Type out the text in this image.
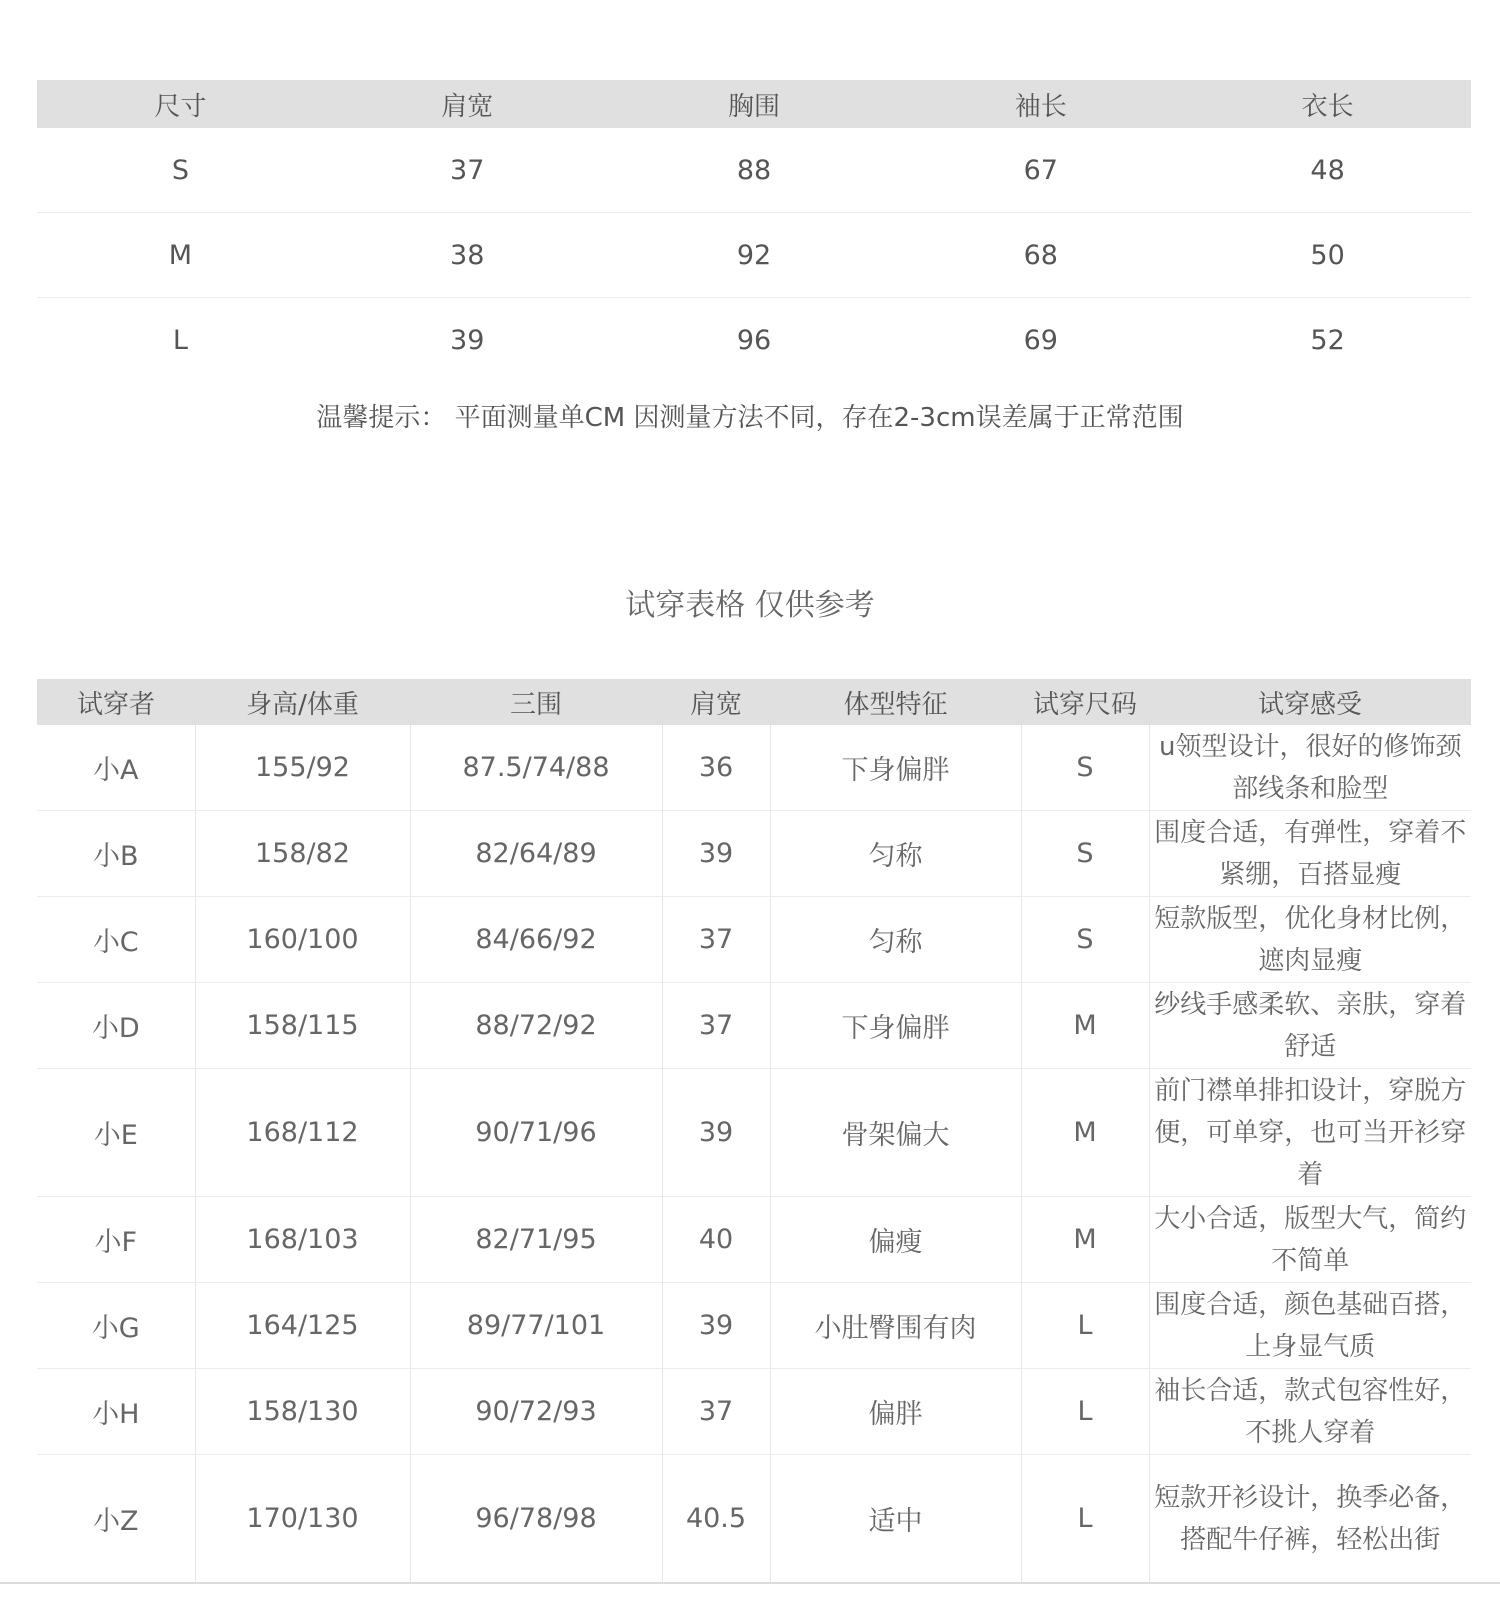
尺寸	肩宽	胸围	袖长	衣长
S	37	88	67	48
M	38	92	68	50
L	39	96	69	52
温馨提示： 平面测量单CM 因测量方法不同，存在2-3cm误差属于正常范围
试穿表格 仅供参考
试穿者	身高/体重	三围	肩宽	体型特征	试穿尺码	试穿感受
小A	155/92	87.5/74/88	36	下身偏胖	S	u领型设计，很好的修饰颈部线条和脸型
小B	158/82	82/64/89	39	匀称	S	围度合适，有弹性，穿着不紧绷，百搭显瘦
小C	160/100	84/66/92	37	匀称	S	短款版型，优化身材比例，遮肉显瘦
小D	158/115	88/72/92	37	下身偏胖	M	纱线手感柔软、亲肤，穿着舒适
小E	168/112	90/71/96	39	骨架偏大	M	前门襟单排扣设计，穿脱方便，可单穿，也可当开衫穿着
小F	168/103	82/71/95	40	偏瘦	M	大小合适，版型大气，简约不简单
小G	164/125	89/77/101	39	小肚臀围有肉	L	围度合适，颜色基础百搭，上身显气质
小H	158/130	90/72/93	37	偏胖	L	袖长合适，款式包容性好，不挑人穿着
小Z	170/130	96/78/98	40.5	适中	L	短款开衫设计，换季必备，搭配牛仔裤，轻松出街
